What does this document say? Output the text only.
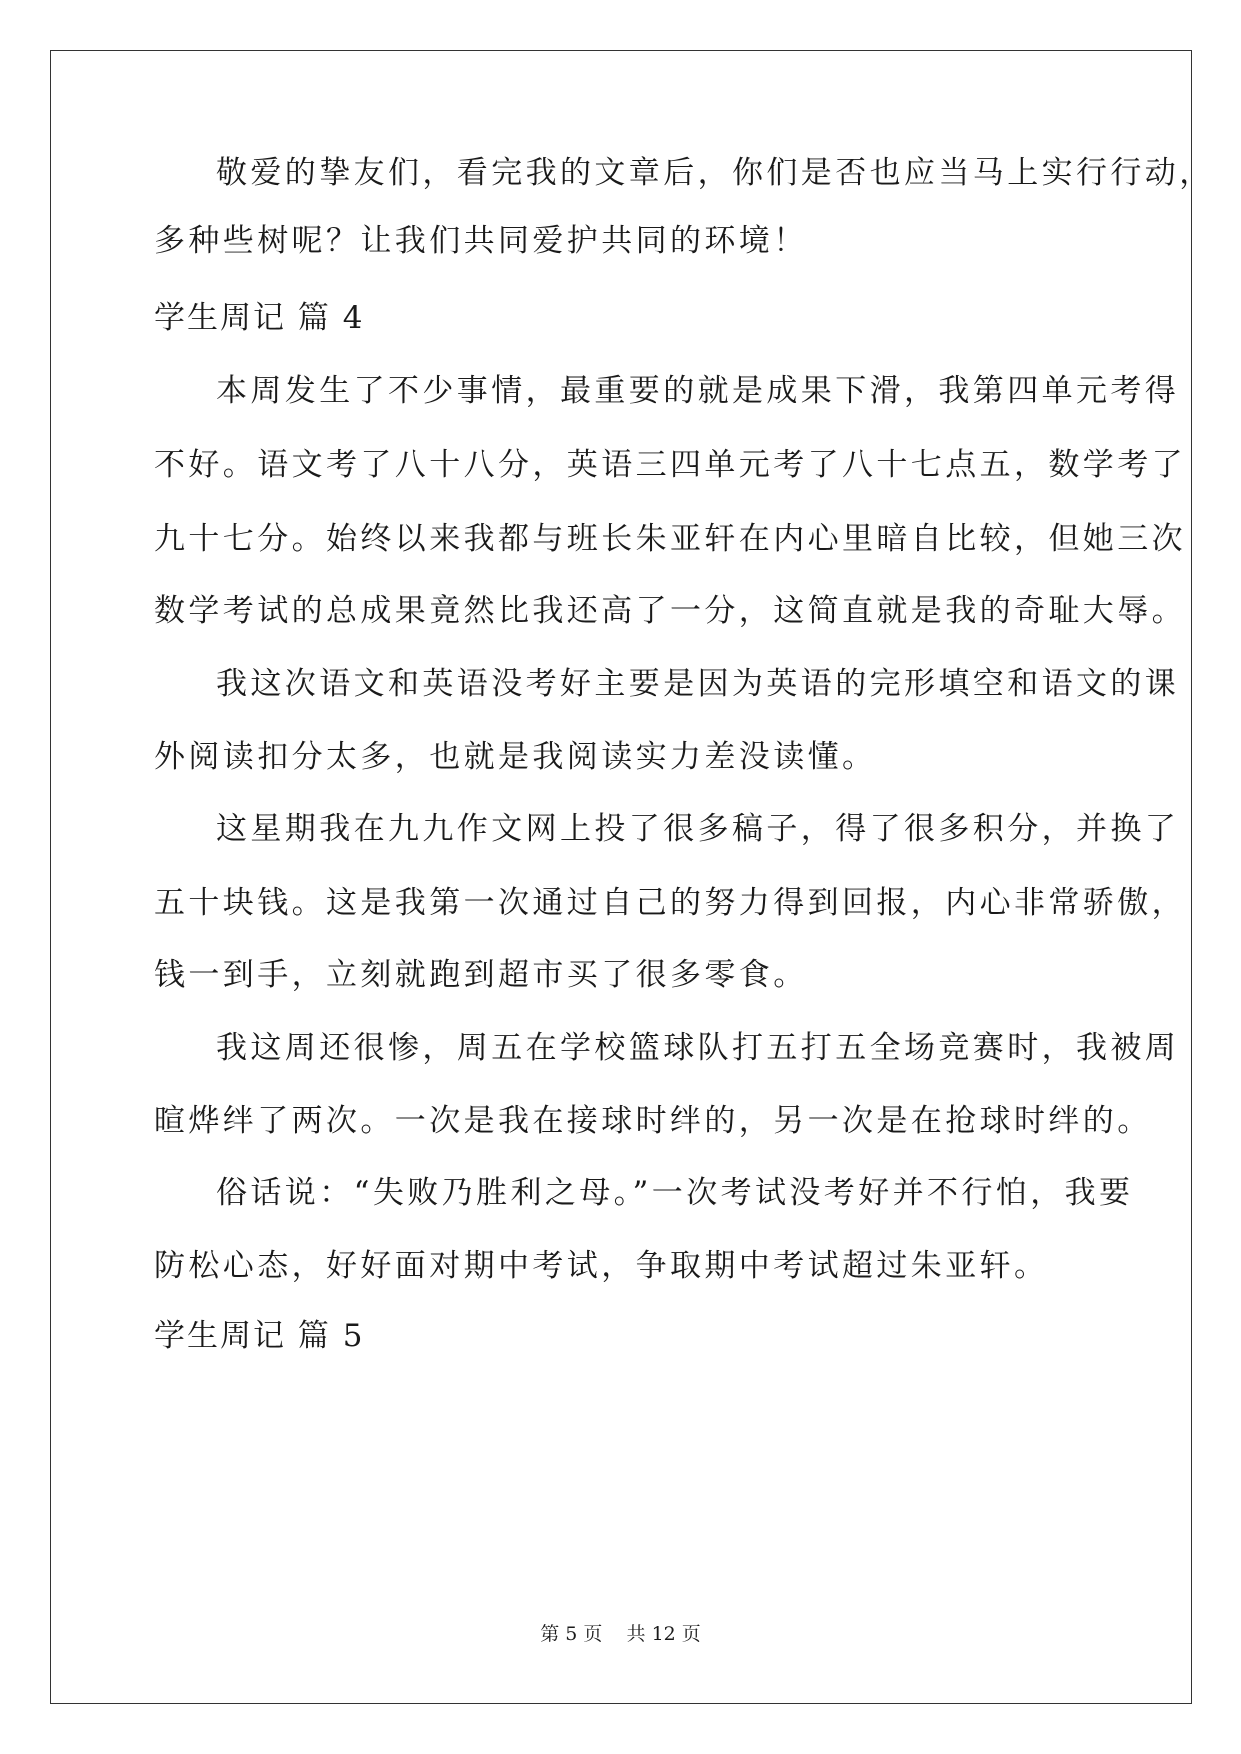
敬爱的挚友们，看完我的文章后，你们是否也应当马上实行行动，
多种些树呢？让我们共同爱护共同的环境！
学生周记 篇 4
本周发生了不少事情，最重要的就是成果下滑，我第四单元考得
不好。语文考了八十八分，英语三四单元考了八十七点五，数学考了
九十七分。始终以来我都与班长朱亚轩在内心里暗自比较，但她三次
数学考试的总成果竟然比我还高了一分，这简直就是我的奇耻大辱。
我这次语文和英语没考好主要是因为英语的完形填空和语文的课
外阅读扣分太多，也就是我阅读实力差没读懂。
这星期我在九九作文网上投了很多稿子，得了很多积分，并换了
五十块钱。这是我第一次通过自己的努力得到回报，内心非常骄傲，
钱一到手，立刻就跑到超市买了很多零食。
我这周还很惨，周五在学校篮球队打五打五全场竞赛时，我被周
暄烨绊了两次。一次是我在接球时绊的，另一次是在抢球时绊的。
俗话说：“失败乃胜利之母。”一次考试没考好并不行怕，我要
防松心态，好好面对期中考试，争取期中考试超过朱亚轩。
学生周记 篇 5
第 5 页    共 12 页
